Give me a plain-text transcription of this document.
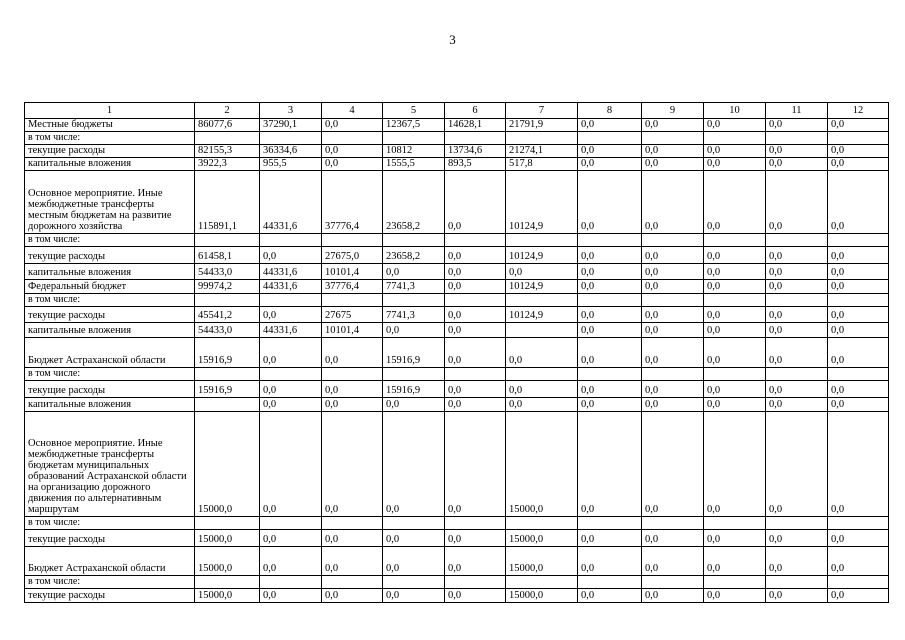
3
1	2	3	4	5	6	7	8	9	10	11	12
Местные бюджеты	86077,6	37290,1	0,0	12367,5	14628,1	21791,9	0,0	0,0	0,0	0,0	0,0
в том числе:											
текущие расходы	82155,3	36334,6	0,0	10812	13734,6	21274,1	0,0	0,0	0,0	0,0	0,0
капитальные вложения	3922,3	955,5	0,0	1555,5	893,5	517,8	0,0	0,0	0,0	0,0	0,0
Основное мероприятие. Иные межбюджетные трансферты местным бюджетам на развитие дорожного хозяйства	115891,1	44331,6	37776,4	23658,2	0,0	10124,9	0,0	0,0	0,0	0,0	0,0
в том числе:											
текущие расходы	61458,1	0,0	27675,0	23658,2	0,0	10124,9	0,0	0,0	0,0	0,0	0,0
капитальные вложения	54433,0	44331,6	10101,4	0,0	0,0	0,0	0,0	0,0	0,0	0,0	0,0
Федеральный бюджет	99974,2	44331,6	37776,4	7741,3	0,0	10124,9	0,0	0,0	0,0	0,0	0,0
в том числе:											
текущие расходы	45541,2	0,0	27675	7741,3	0,0	10124,9	0,0	0,0	0,0	0,0	0,0
капитальные вложения	54433,0	44331,6	10101,4	0,0	0,0		0,0	0,0	0,0	0,0	0,0
Бюджет Астраханской области	15916,9	0,0	0,0	15916,9	0,0	0,0	0,0	0,0	0,0	0,0	0,0
в том числе:											
текущие расходы	15916,9	0,0	0,0	15916,9	0,0	0,0	0,0	0,0	0,0	0,0	0,0
капитальные вложения		0,0	0,0	0,0	0,0	0,0	0,0	0,0	0,0	0,0	0,0
Основное мероприятие. Иные межбюджетные трансферты бюджетам муниципальных образований Астраханской области на организацию дорожного движения по альтернативным маршрутам	15000,0	0,0	0,0	0,0	0,0	15000,0	0,0	0,0	0,0	0,0	0,0
в том числе:											
текущие расходы	15000,0	0,0	0,0	0,0	0,0	15000,0	0,0	0,0	0,0	0,0	0,0
Бюджет Астраханской области	15000,0	0,0	0,0	0,0	0,0	15000,0	0,0	0,0	0,0	0,0	0,0
в том числе:											
текущие расходы	15000,0	0,0	0,0	0,0	0,0	15000,0	0,0	0,0	0,0	0,0	0,0
